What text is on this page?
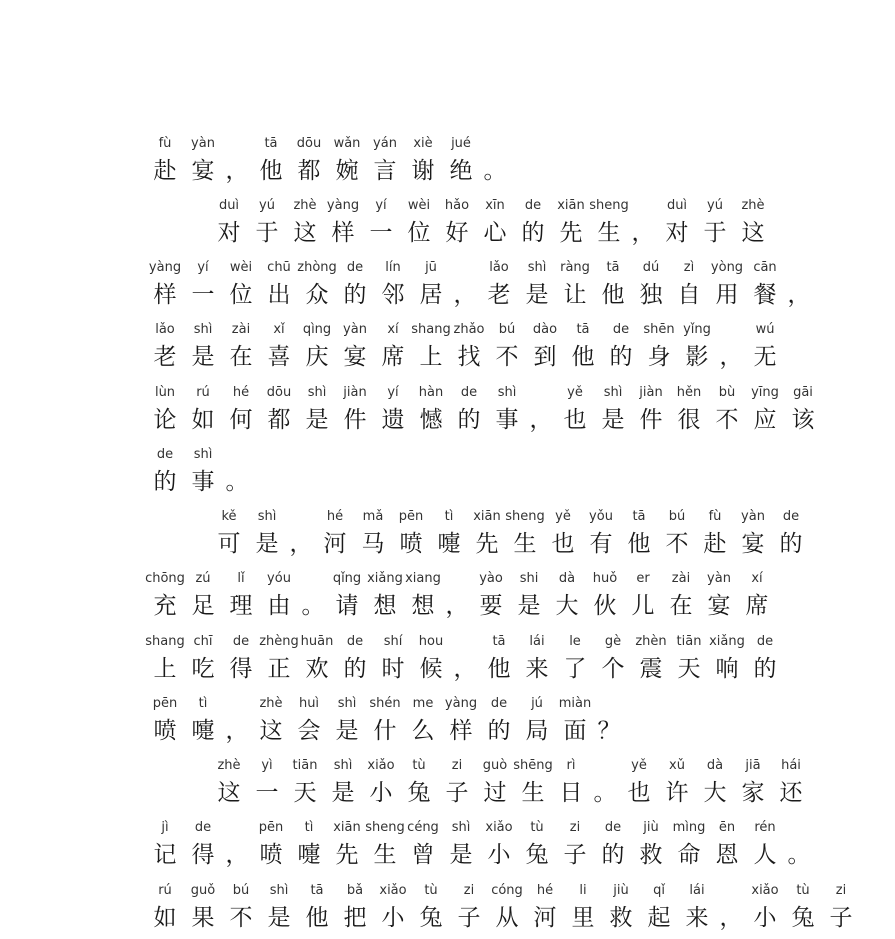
fù
赴
yàn
宴 ，
tā
他
dōu
都
wǎn
婉
yán
言
xiè
谢
jué
绝 。
duì
对
yú
于
zhè
这
yàng
样
yí
一
wèi
位
hǎo
好
xīn
心
de
的
xiān
先
sheng
生 ，
duì
对
yú
于
zhè
这
yàng
样
yí
一
wèi
位
chū
出
zhòng
众
de
的
lín
邻
jū
居 ，
lǎo
老
shì
是
ràng
让
tā
他
dú
独
zì
自
yòng
用
cān
餐 ，
lǎo
老
shì
是
zài
在
xǐ
喜
qìng
庆
yàn
宴
xí
席
shang
上
zhǎo
找
bú
不
dào
到
tā
他
de
的
shēn
身
yǐng
影 ，
wú
无
lùn
论
rú
如
hé
何
dōu
都
shì
是
jiàn
件
yí
遗
hàn
憾
de
的
shì
事 ，
yě
也
shì
是
jiàn
件
hěn
很
bù
不
yīng
应
gāi
该
de
的
shì
事 。
kě
可
shì
是 ，
hé
河
mǎ
马
pēn
喷
tì
嚏
xiān
先
sheng
生
yě
也
yǒu
有
tā
他
bú
不
fù
赴
yàn
宴
de
的
chōng
充
zú
足
lǐ
理
yóu
由 。
qǐng
请
xiǎng
想
xiang
想 ，
yào
要
shi
是
dà
大
huǒ
伙
er
儿
zài
在
yàn
宴
xí
席
shang
上
chī
吃
de
得
zhèng
正
huān
欢
de
的
shí
时
hou
候 ，
tā
他
lái
来
le
了
gè
个
zhèn
震
tiān
天
xiǎng
响
de
的
pēn
喷
tì
嚏 ，
zhè
这
huì
会
shì
是
shén
什
me
么
yàng
样
de
的
jú
局
miàn
面 ？
zhè
这
yì
一
tiān
天
shì
是
xiǎo
小
tù
兔
zi
子
guò
过
shēng
生
rì
日 。
yě
也
xǔ
许
dà
大
jiā
家
hái
还
jì
记
de
得 ，
pēn
喷
tì
嚏
xiān
先
sheng
生
céng
曾
shì
是
xiǎo
小
tù
兔
zi
子
de
的
jiù
救
mìng
命
ēn
恩
rén
人 。
rú
如
guǒ
果
bú
不
shì
是
tā
他
bǎ
把
xiǎo
小
tù
兔
zi
子
cóng
从
hé
河
li
里
jiù
救
qǐ
起
lái
来 ，
xiǎo
小
tù
兔
zi
子
